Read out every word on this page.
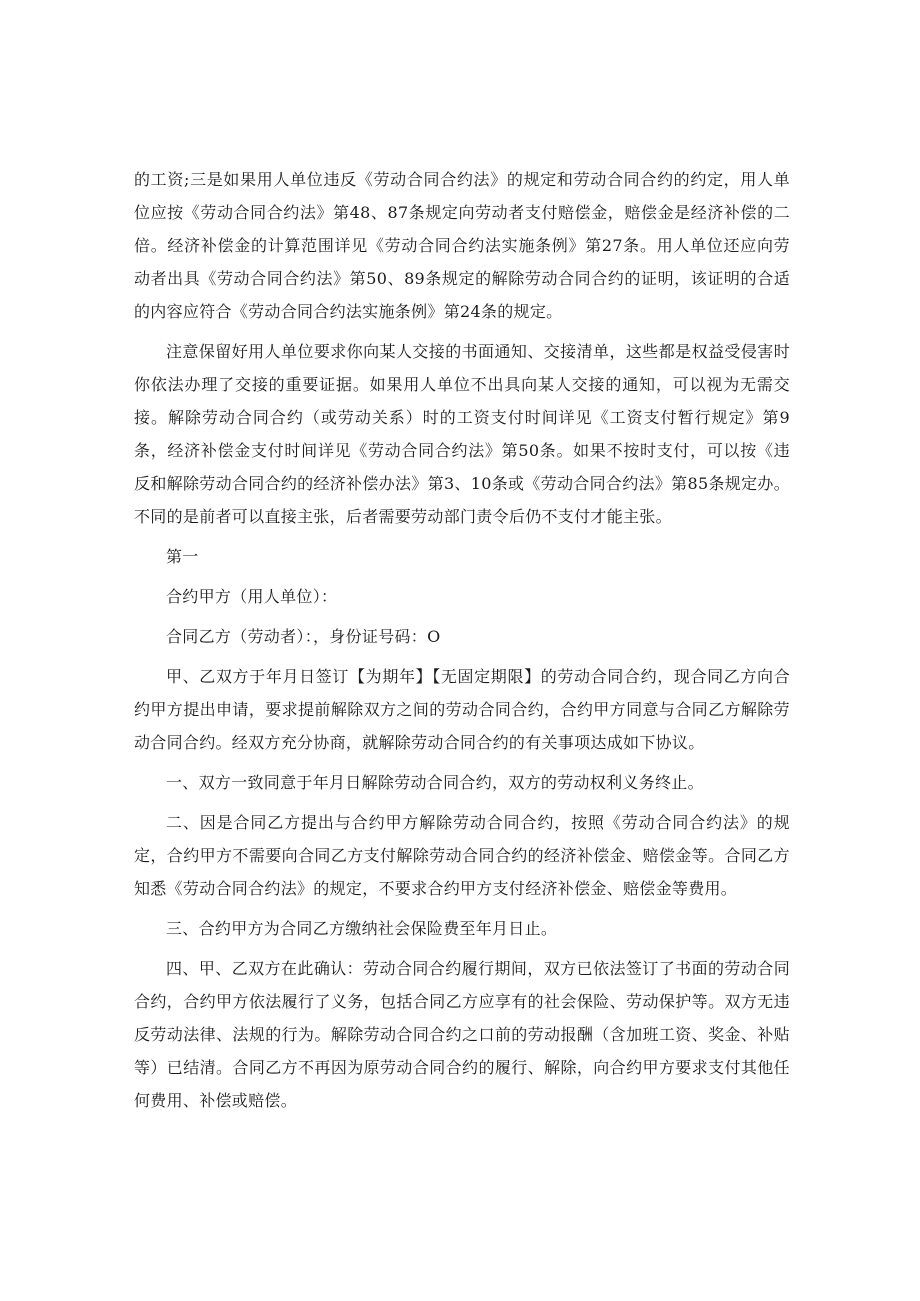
的工资;三是如果用人单位违反《劳动合同合约法》的规定和劳动合同合约的约定，用人单位应按《劳动合同合约法》第48、87条规定向劳动者支付赔偿金，赔偿金是经济补偿的二倍。经济补偿金的计算范围详见《劳动合同合约法实施条例》第27条。用人单位还应向劳动者出具《劳动合同合约法》第50、89条规定的解除劳动合同合约的证明，该证明的合适的内容应符合《劳动合同合约法实施条例》第24条的规定。

注意保留好用人单位要求你向某人交接的书面通知、交接清单，这些都是权益受侵害时你依法办理了交接的重要证据。如果用人单位不出具向某人交接的通知，可以视为无需交接。解除劳动合同合约（或劳动关系）时的工资支付时间详见《工资支付暂行规定》第9条，经济补偿金支付时间详见《劳动合同合约法》第50条。如果不按时支付，可以按《违反和解除劳动合同合约的经济补偿办法》第3、10条或《劳动合同合约法》第85条规定办。不同的是前者可以直接主张，后者需要劳动部门责令后仍不支付才能主张。

第一

合约甲方（用人单位）：

合同乙方（劳动者）：，身份证号码：O

甲、乙双方于年月日签订【为期年】【无固定期限】的劳动合同合约，现合同乙方向合约甲方提出申请，要求提前解除双方之间的劳动合同合约，合约甲方同意与合同乙方解除劳动合同合约。经双方充分协商，就解除劳动合同合约的有关事项达成如下协议。

一、双方一致同意于年月日解除劳动合同合约，双方的劳动权利义务终止。

二、因是合同乙方提出与合约甲方解除劳动合同合约，按照《劳动合同合约法》的规定，合约甲方不需要向合同乙方支付解除劳动合同合约的经济补偿金、赔偿金等。合同乙方知悉《劳动合同合约法》的规定，不要求合约甲方支付经济补偿金、赔偿金等费用。

三、合约甲方为合同乙方缴纳社会保险费至年月日止。

四、甲、乙双方在此确认：劳动合同合约履行期间，双方已依法签订了书面的劳动合同合约，合约甲方依法履行了义务，包括合同乙方应享有的社会保险、劳动保护等。双方无违反劳动法律、法规的行为。解除劳动合同合约之口前的劳动报酬（含加班工资、奖金、补贴等）已结清。合同乙方不再因为原劳动合同合约的履行、解除，向合约甲方要求支付其他任何费用、补偿或赔偿。
